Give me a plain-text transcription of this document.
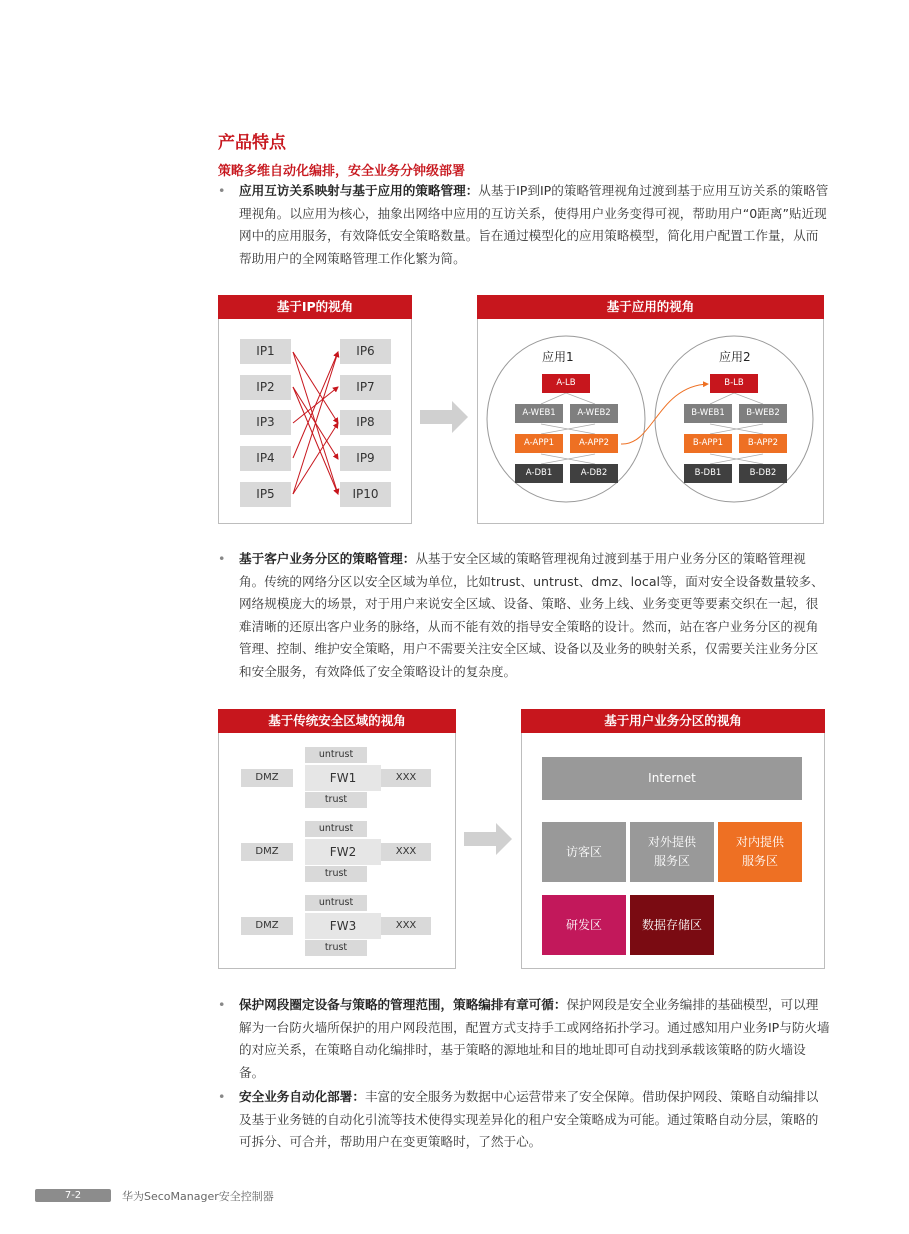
产品特点
策略多维自动化编排，安全业务分钟级部署
• 应用互访关系映射与基于应用的策略管理：从基于IP到IP的策略管理视角过渡到基于应用互访关系的策略管理视角。以应用为核心，抽象出网络中应用的互访关系，使得用户业务变得可视，帮助用户“0距离”贴近现网中的应用服务，有效降低安全策略数量。旨在通过模型化的应用策略模型，简化用户配置工作量，从而帮助用户的全网策略管理工作化繁为简。
基于IP的视角
IP1
IP2
IP3
IP4
IP5
IP6
IP7
IP8
IP9
IP10
基于应用的视角
应用1
A-LB
A-WEB1	A-WEB2
A-APP1	A-APP2
A-DB1	A-DB2
应用2
B-LB
B-WEB1	B-WEB2
B-APP1	B-APP2
B-DB1	B-DB2
• 基于客户业务分区的策略管理：从基于安全区域的策略管理视角过渡到基于用户业务分区的策略管理视角。传统的网络分区以安全区域为单位，比如trust、untrust、dmz、local等，面对安全设备数量较多、网络规模庞大的场景，对于用户来说安全区域、设备、策略、业务上线、业务变更等要素交织在一起，很难清晰的还原出客户业务的脉络，从而不能有效的指导安全策略的设计。然而，站在客户业务分区的视角管理、控制、维护安全策略，用户不需要关注安全区域、设备以及业务的映射关系，仅需要关注业务分区和安全服务，有效降低了安全策略设计的复杂度。
基于传统安全区域的视角
untrust
DMZ	FW1	XXX
trust
untrust
DMZ	FW2	XXX
trust
untrust
DMZ	FW3	XXX
trust
基于用户业务分区的视角
Internet
访客区
对外提供
服务区
对内提供
服务区
研发区	数据存储区
• 保护网段圈定设备与策略的管理范围，策略编排有章可循：保护网段是安全业务编排的基础模型，可以理解为一台防火墙所保护的用户网段范围，配置方式支持手工或网络拓扑学习。通过感知用户业务IP与防火墙的对应关系，在策略自动化编排时，基于策略的源地址和目的地址即可自动找到承载该策略的防火墙设备。
• 安全业务自动化部署：丰富的安全服务为数据中心运营带来了安全保障。借助保护网段、策略自动编排以及基于业务链的自动化引流等技术使得实现差异化的租户安全策略成为可能。通过策略自动分层，策略的可拆分、可合并，帮助用户在变更策略时，了然于心。
7-2	华为SecoManager安全控制器
